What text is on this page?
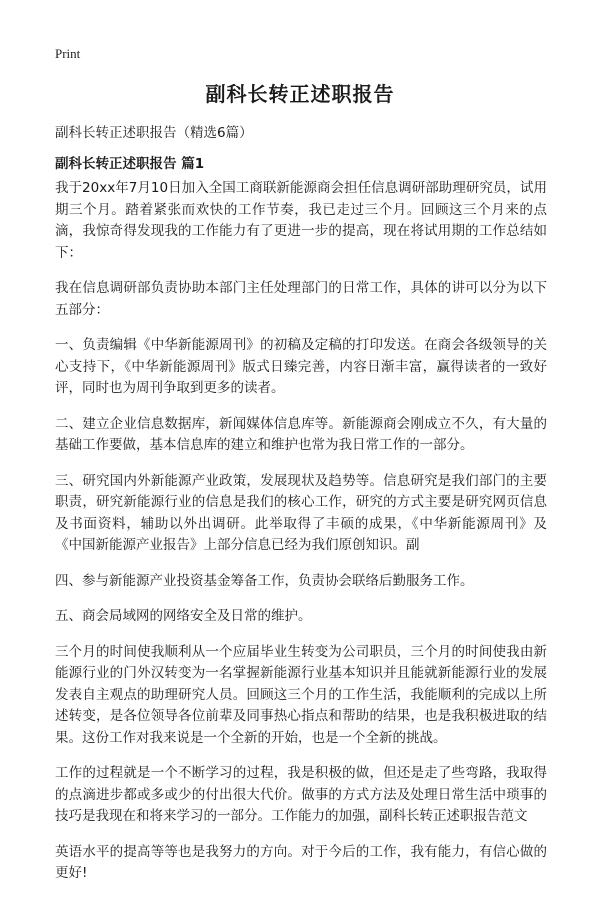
Print
副科长转正述职报告
副科长转正述职报告（精选6篇）
副科长转正述职报告 篇1

我于20xx年7月10日加入全国工商联新能源商会担任信息调研部助理研究员，试用期三个月。踏着紧张而欢快的工作节奏，我已走过三个月。回顾这三个月来的点滴，我惊奇得发现我的工作能力有了更进一步的提高，现在将试用期的工作总结如下：

我在信息调研部负责协助本部门主任处理部门的日常工作，具体的讲可以分为以下五部分：

一、负责编辑《中华新能源周刊》的初稿及定稿的打印发送。在商会各级领导的关心支持下，《中华新能源周刊》版式日臻完善，内容日渐丰富，赢得读者的一致好评，同时也为周刊争取到更多的读者。

二、建立企业信息数据库，新闻媒体信息库等。新能源商会刚成立不久，有大量的基础工作要做，基本信息库的建立和维护也常为我日常工作的一部分。

三、研究国内外新能源产业政策，发展现状及趋势等。信息研究是我们部门的主要职责，研究新能源行业的信息是我们的核心工作，研究的方式主要是研究网页信息及书面资料，辅助以外出调研。此举取得了丰硕的成果，《中华新能源周刊》及《中国新能源产业报告》上部分信息已经为我们原创知识。副

四、参与新能源产业投资基金筹备工作，负责协会联络后勤服务工作。

五、商会局域网的网络安全及日常的维护。

三个月的时间使我顺利从一个应届毕业生转变为公司职员，三个月的时间使我由新能源行业的门外汉转变为一名掌握新能源行业基本知识并且能就新能源行业的发展发表自主观点的助理研究人员。回顾这三个月的工作生活，我能顺利的完成以上所述转变，是各位领导各位前辈及同事热心指点和帮助的结果，也是我积极进取的结果。这份工作对我来说是一个全新的开始，也是一个全新的挑战。

工作的过程就是一个不断学习的过程，我是积极的做，但还是走了些弯路，我取得的点滴进步都或多或少的付出很大代价。做事的方式方法及处理日常生活中琐事的技巧是我现在和将来学习的一部分。工作能力的加强，副科长转正述职报告范文

英语水平的提高等等也是我努力的方向。对于今后的工作，我有能力，有信心做的更好!
